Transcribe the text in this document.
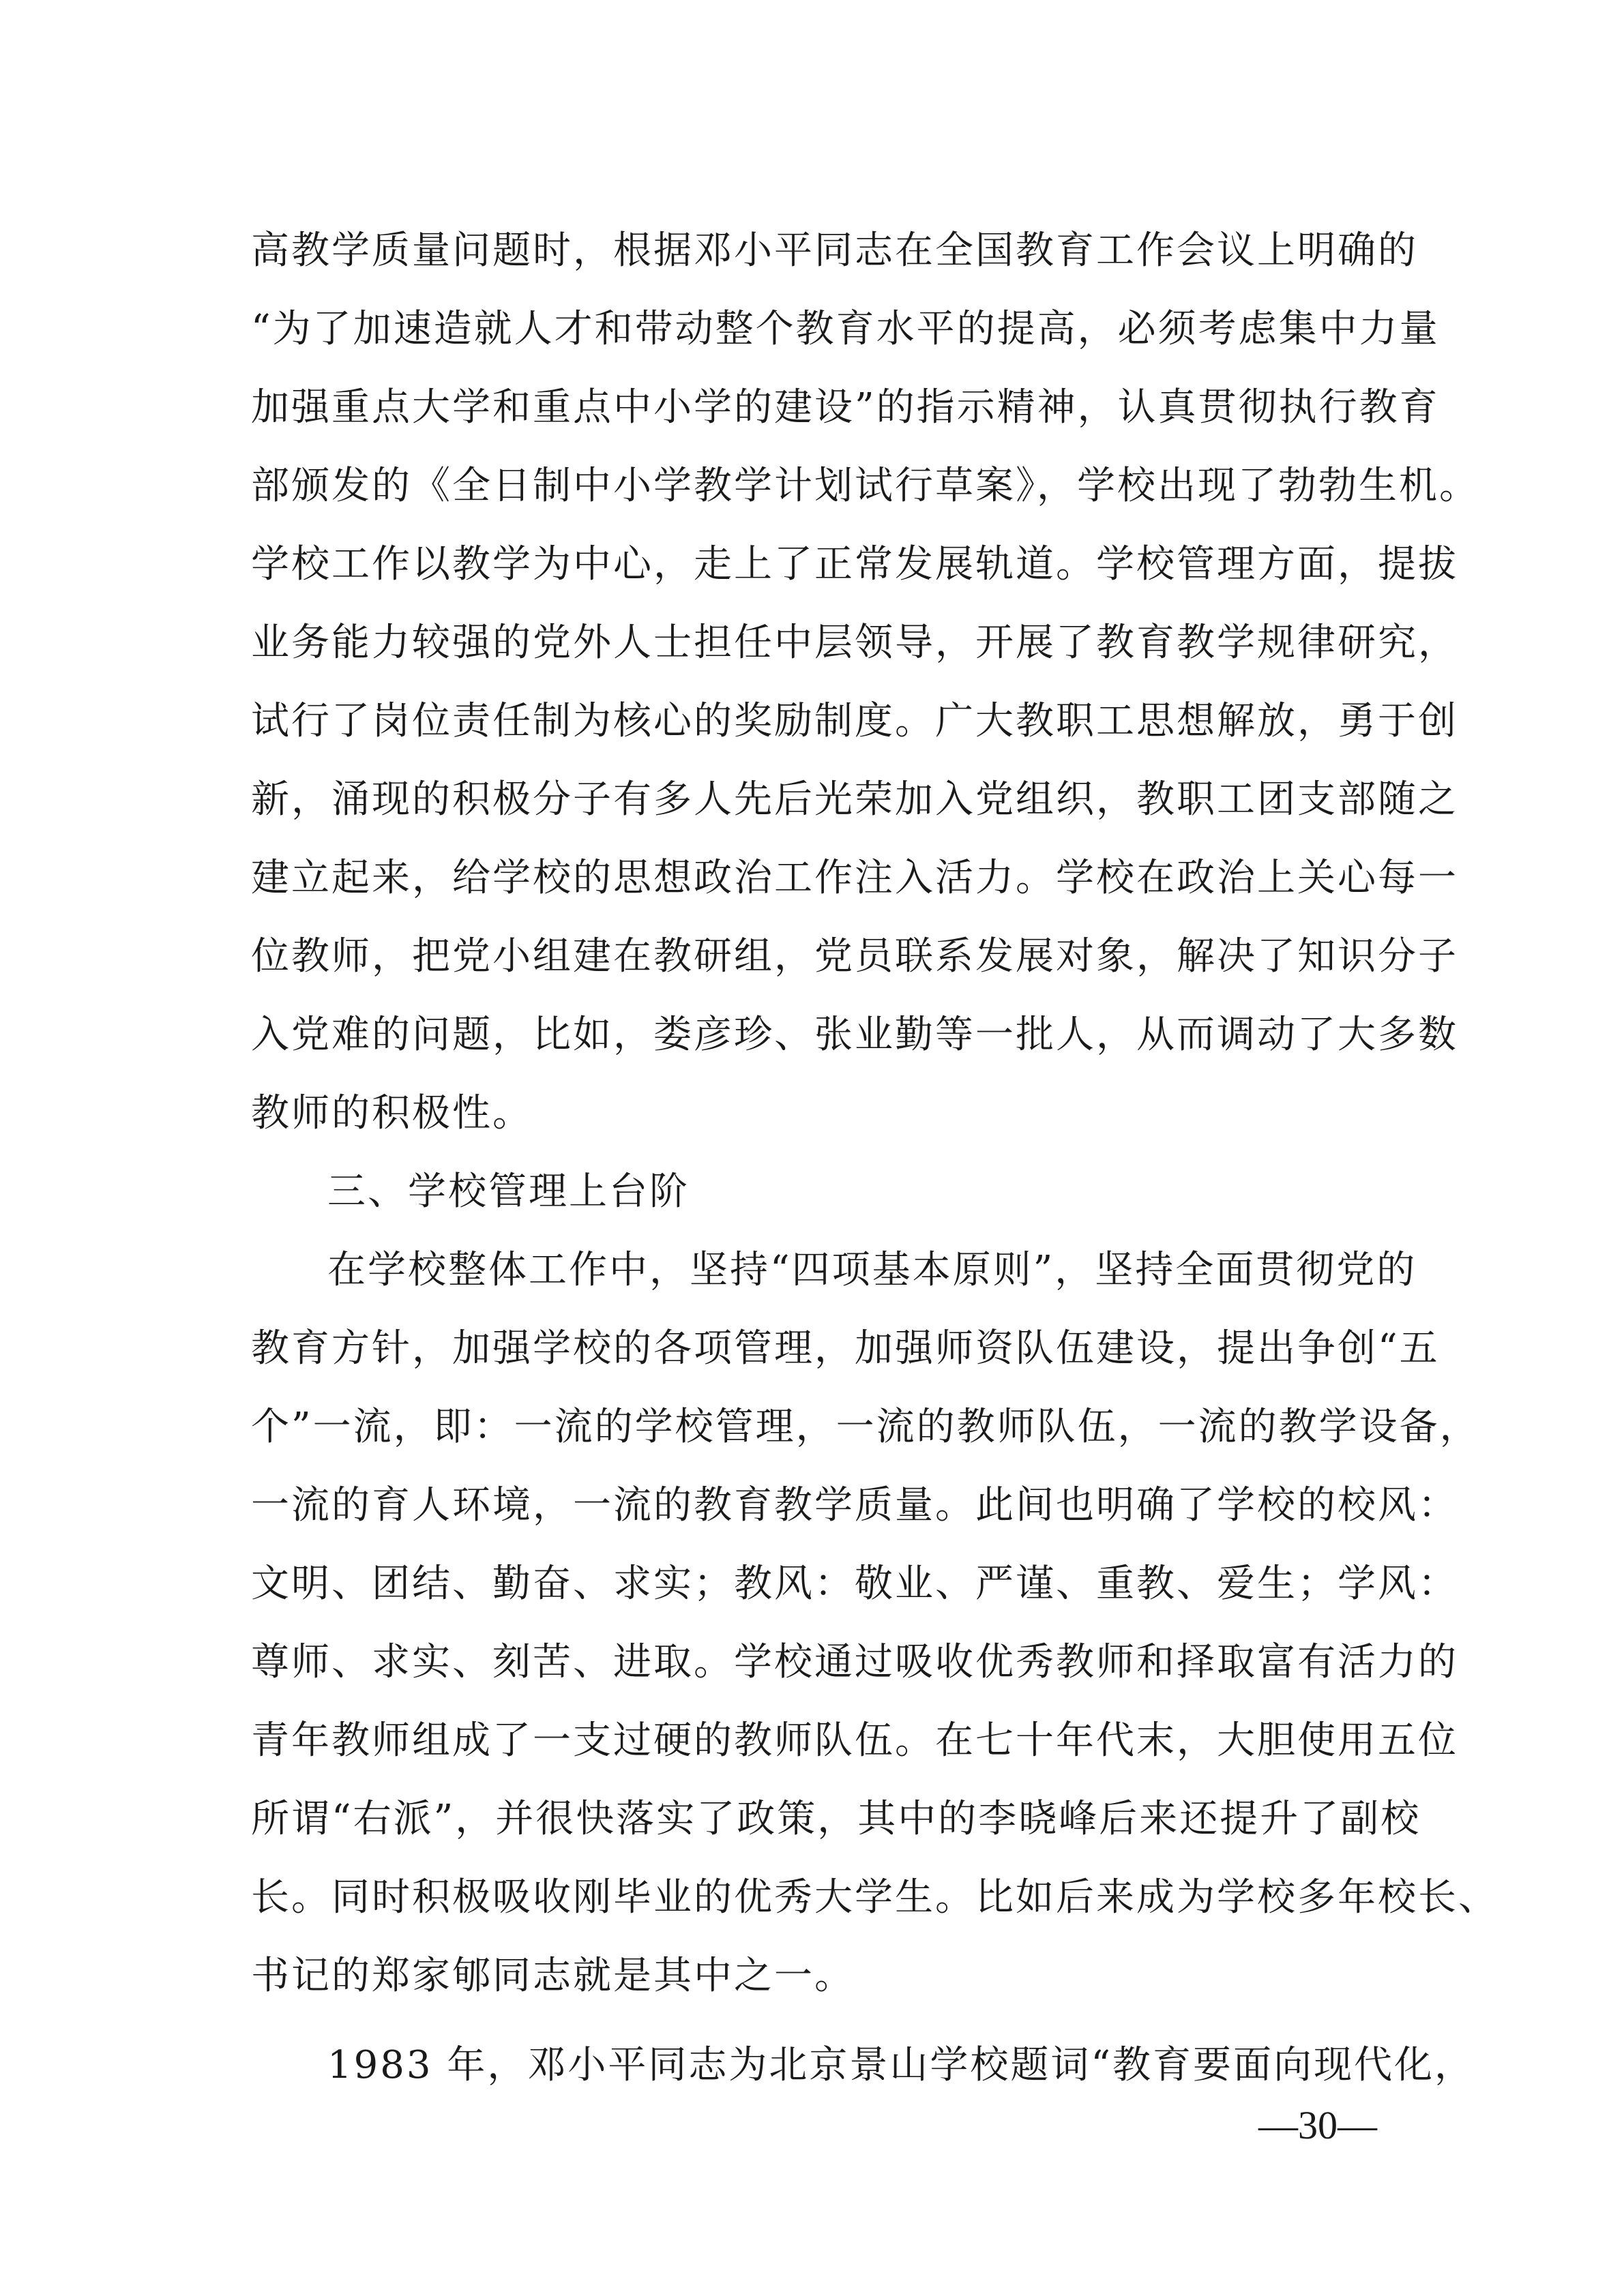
高教学质量问题时，根据邓小平同志在全国教育工作会议上明确的
“为了加速造就人才和带动整个教育水平的提高，必须考虑集中力量
加强重点大学和重点中小学的建设”的指示精神，认真贯彻执行教育
部颁发的《全日制中小学教学计划试行草案》，学校出现了勃勃生机。
学校工作以教学为中心，走上了正常发展轨道。学校管理方面，提拔
业务能力较强的党外人士担任中层领导，开展了教育教学规律研究，
试行了岗位责任制为核心的奖励制度。广大教职工思想解放，勇于创
新，涌现的积极分子有多人先后光荣加入党组织，教职工团支部随之
建立起来，给学校的思想政治工作注入活力。学校在政治上关心每一
位教师，把党小组建在教研组，党员联系发展对象，解决了知识分子
入党难的问题，比如，娄彦珍、张业勤等一批人，从而调动了大多数
教师的积极性。
三、学校管理上台阶
在学校整体工作中，坚持“四项基本原则”，坚持全面贯彻党的
教育方针，加强学校的各项管理，加强师资队伍建设，提出争创“五
个”一流，即：一流的学校管理，一流的教师队伍，一流的教学设备，
一流的育人环境，一流的教育教学质量。此间也明确了学校的校风：
文明、团结、勤奋、求实；教风：敬业、严谨、重教、爱生；学风：
尊师、求实、刻苦、进取。学校通过吸收优秀教师和择取富有活力的
青年教师组成了一支过硬的教师队伍。在七十年代末，大胆使用五位
所谓“右派”，并很快落实了政策，其中的李晓峰后来还提升了副校
长。同时积极吸收刚毕业的优秀大学生。比如后来成为学校多年校长、
书记的郑家郇同志就是其中之一。
1983 年，邓小平同志为北京景山学校题词“教育要面向现代化，
—30—
